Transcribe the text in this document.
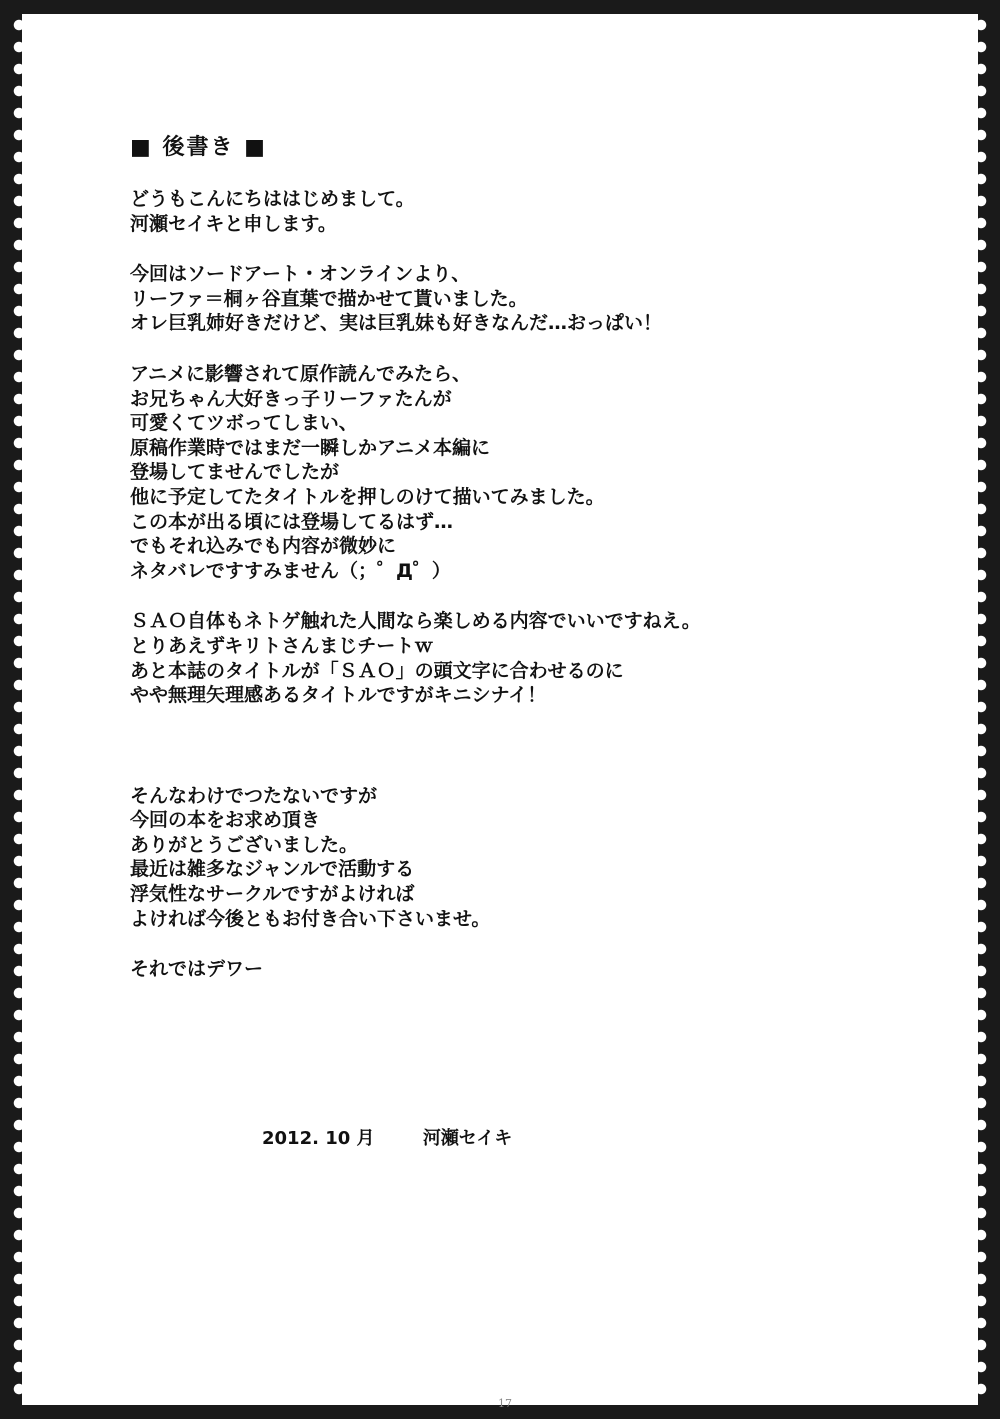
■ 後書き ■
どうもこんにちははじめまして。
河瀬セイキと申します。
今回はソードアート・オンラインより、
リーファ＝桐ヶ谷直葉で描かせて貰いました。
オレ巨乳姉好きだけど、実は巨乳妹も好きなんだ…おっぱい！
アニメに影響されて原作読んでみたら、
お兄ちゃん大好きっ子リーファたんが
可愛くてツボってしまい、
原稿作業時ではまだ一瞬しかアニメ本編に
登場してませんでしたが
他に予定してたタイトルを押しのけて描いてみました。
この本が出る頃には登場してるはず…
でもそれ込みでも内容が微妙に
ネタバレですすみません（；゜Д゜）
ＳＡＯ自体もネトゲ触れた人間なら楽しめる内容でいいですねえ。
とりあえずキリトさんまじチートｗ
あと本誌のタイトルが「ＳＡＯ」の頭文字に合わせるのに
やや無理矢理感あるタイトルですがキニシナイ！
そんなわけでつたないですが
今回の本をお求め頂き
ありがとうございました。
最近は雑多なジャンルで活動する
浮気性なサークルですがよければ
よければ今後ともお付き合い下さいませ。
それではデワー
2012. 10 月	河瀬セイキ
17
